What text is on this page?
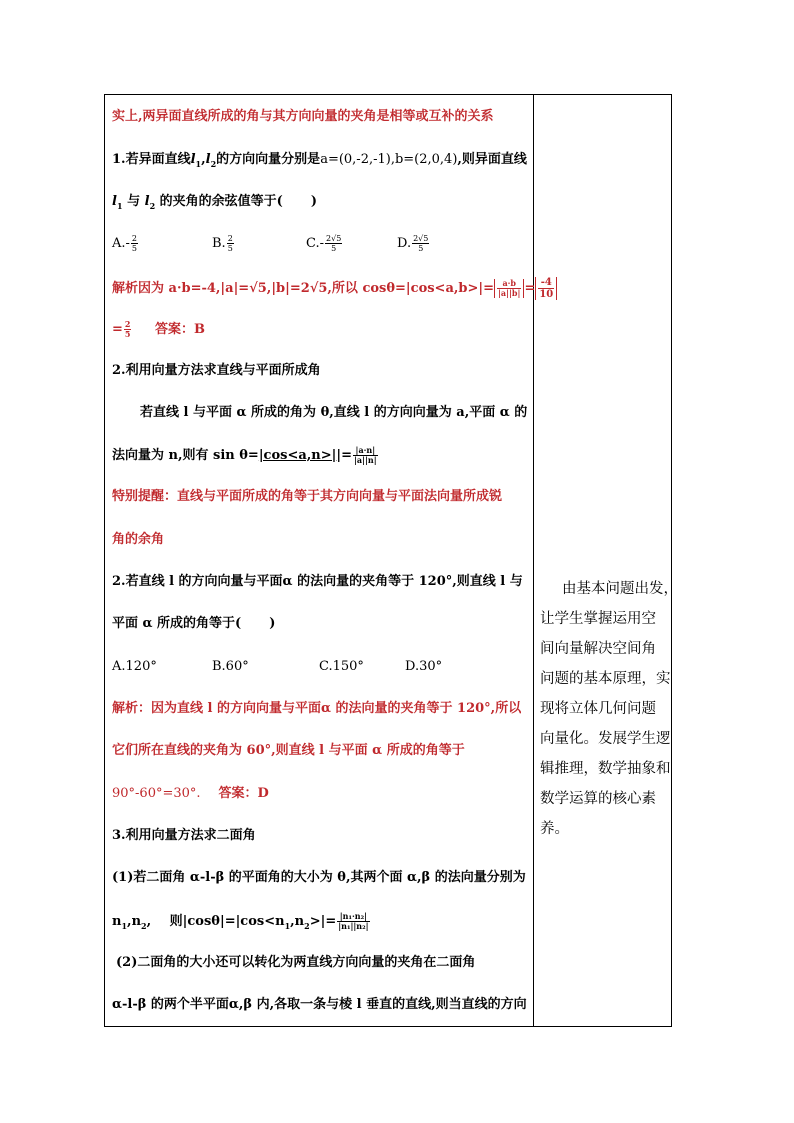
实上,两异面直线所成的角与其方向向量的夹角是相等或互补的关系
1.若异面直线$l_1,l_2$的方向向量分别是a=(0,-2,-1),b=(2,0,4),则异面直线
$l_1$ 与 $l_2$ 的夹角的余弦值等于( )
$A.- \frac{2}{5}$	B. $\frac{2}{5}$	$C.- \frac{2√5}{5}$	D. $\frac{2√5}{5}$
解析因为 a·b=-4,|a|=√5,|b|=2√5,所以 $\cos\theta=|\cos<a,b>|= \frac{a\cdot b}{|a||b|} = \frac{-4}{10}$
= $\frac{2}{5}$ 答案：B
2.利用向量方法求直线与平面所成角
若直线 l 与平面 α 所成的角为 θ,直线 l 的方向向量为 a,平面 α 的
法向量为 n,则有 $\sin \theta=|\cos<a,n>||= \frac{|a\cdot n|}{|a||n|}$
特别提醒：直线与平面所成的角等于其方向向量与平面法向量所成锐
角的余角
2.若直线 l 的方向向量与平面α 的法向量的夹角等于 120°,则直线 l 与
平面 α 所成的角等于( )
A.120°	B.60°	C.150°	D.30°
解析：因为直线 l 的方向向量与平面α 的法向量的夹角等于 120°,所以
它们所在直线的夹角为 60°,则直线 l 与平面 α 所成的角等于
90°-60°=30°. 答案：D
3.利用向量方法求二面角
(1)若二面角 α-l-β 的平面角的大小为 θ,其两个面 α,β 的法向量分别为
$n_1,n_2$, 则$|\cos\theta|=|\cos<n_1,n_2>|= \frac{\text{|n₁·n₂|}}{\text{|n₁||n₂|}}$
(2)二面角的大小还可以转化为两直线方向向量的夹角在二面角
α-l-β 的两个半平面α,β 内,各取一条与棱 l 垂直的直线,则当直线的方向
由基本问题出发，
让学生掌握运用空
间向量解决空间角
问题的基本原理，实
现将立体几何问题
向量化。发展学生逻
辑推理，数学抽象和
数学运算的核心素
养。
